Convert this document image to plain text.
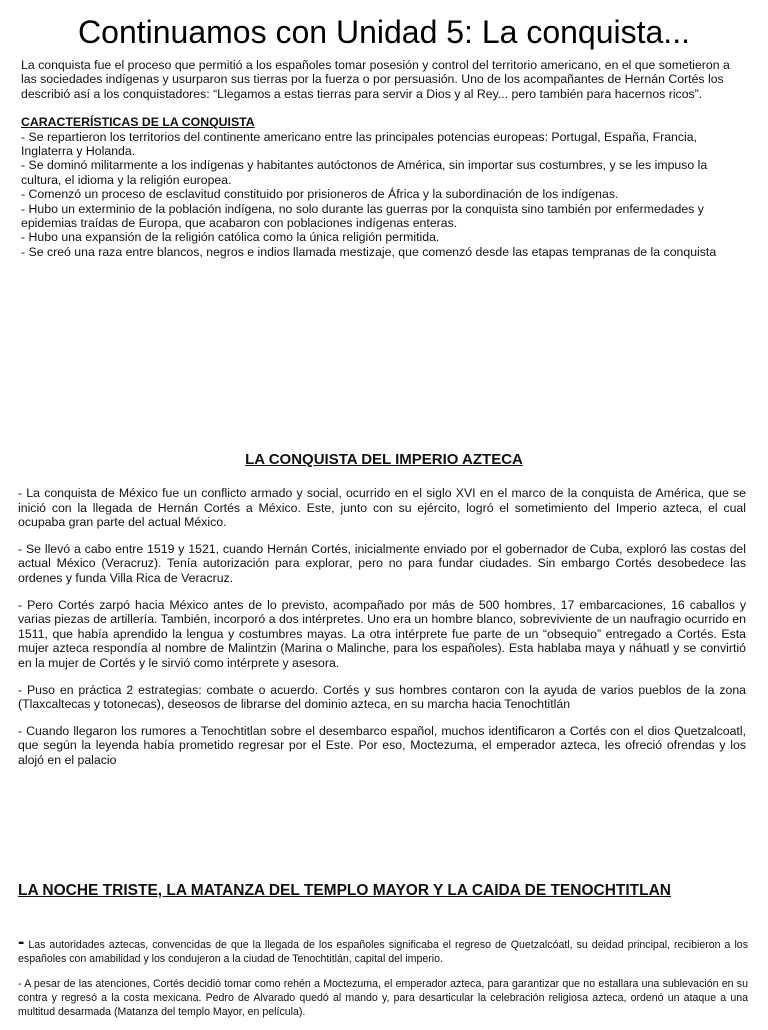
Continuamos con Unidad 5: La conquista...
La conquista fue el proceso que permitió a los españoles tomar posesión y control del territorio americano, en el que sometieron a las sociedades indígenas y usurparon sus tierras por la fuerza o por persuasión. Uno de los acompañantes de Hernán Cortés los describió así a los conquistadores: “Llegamos a estas tierras para servir a Dios y al Rey... pero también para hacernos ricos”.
CARACTERÍSTICAS DE LA CONQUISTA
- Se repartieron los territorios del continente americano entre las principales potencias europeas: Portugal, España, Francia, Inglaterra y Holanda.
- Se dominó militarmente a los indígenas y habitantes autóctonos de América, sin importar sus costumbres, y se les impuso la cultura, el idioma y la religión europea.
- Comenzó un proceso de esclavitud constituido por prisioneros de África y la subordinación de los indígenas.
- Hubo un exterminio de la población indígena, no solo durante las guerras por la conquista sino también por enfermedades y epidemias traídas de Europa, que acabaron con poblaciones indígenas enteras.
- Hubo una expansión de la religión católica como la única religión permitida.
- Se creó una raza entre blancos, negros e indios llamada mestizaje, que comenzó desde las etapas tempranas de la conquista
LA CONQUISTA DEL IMPERIO AZTECA

- La conquista de México fue un conflicto armado y social, ocurrido en el siglo XVI en el marco de la conquista de América, que se inició con la llegada de Hernán Cortés a México. Este, junto con su ejército, logró el sometimiento del Imperio azteca, el cual ocupaba gran parte del actual México.

- Se llevó a cabo entre 1519 y 1521, cuando Hernán Cortés, inicialmente enviado por el gobernador de Cuba, exploró las costas del actual México (Veracruz). Tenía autorización para explorar, pero no para fundar ciudades. Sin embargo Cortés desobedece las ordenes y funda Villa Rica de Veracruz.

- Pero Cortés zarpó hacia México antes de lo previsto, acompañado por más de 500 hombres, 17 embarcaciones, 16 caballos y varias piezas de artillería. También, incorporó a dos intérpretes. Uno era un hombre blanco, sobreviviente de un naufragio ocurrido en 1511, que había aprendido la lengua y costumbres mayas. La otra intérprete fue parte de un “obsequio” entregado a Cortés. Esta mujer azteca respondía al nombre de Malintzin (Marina o Malinche, para los españoles). Esta hablaba maya y náhuatl y se convirtió en la mujer de Cortés y le sirvió como intérprete y asesora.

- Puso en práctica 2 estrategias: combate o acuerdo. Cortés y sus hombres contaron con la ayuda de varios pueblos de la zona (Tlaxcaltecas y totonecas), deseosos de librarse del dominio azteca, en su marcha hacia Tenochtitlán

- Cuando llegaron los rumores a Tenochtitlan sobre el desembarco español, muchos identificaron a Cortés con el dios Quetzalcoatl, que según la leyenda había prometido regresar por el Este. Por eso, Moctezuma, el emperador azteca, les ofreció ofrendas y los alojó en el palacio

LA NOCHE TRISTE, LA MATANZA DEL TEMPLO MAYOR Y LA CAIDA DE TENOCHTITLAN

- Las autoridades aztecas, convencidas de que la llegada de los españoles significaba el regreso de Quetzalcóatl, su deidad principal, recibieron a los españoles con amabilidad y los condujeron a la ciudad de Tenochtitlán, capital del imperio.

- A pesar de las atenciones, Cortés decidió tomar como rehén a Moctezuma, el emperador azteca, para garantizar que no estallara una sublevación en su contra y regresó a la costa mexicana. Pedro de Alvarado quedó al mando y, para desarticular la celebración religiosa azteca, ordenó un ataque a una multitud desarmada (Matanza del templo Mayor, en película).
